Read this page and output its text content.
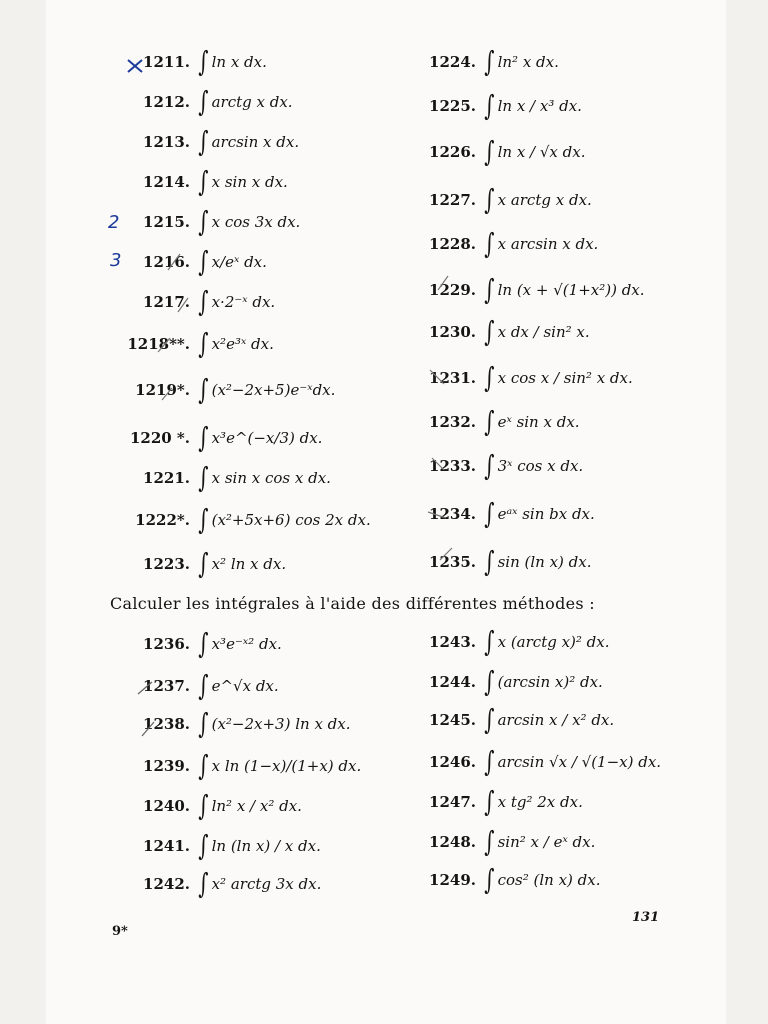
1211. ∫ ln x dx.
1212. ∫ arctg x dx.
1213. ∫ arcsin x dx.
1214. ∫ x sin x dx.
1215. ∫ x cos 3x dx.
1216. ∫ x/eˣ dx.
1217. ∫ x·2⁻ˣ dx.
1218**. ∫ x²e³ˣ dx.
1219*. ∫ (x²−2x+5)e⁻ˣdx.
1220 *. ∫ x³e^(−x/3) dx.
1221. ∫ x sin x cos x dx.
1222*. ∫ (x²+5x+6) cos 2x dx.
1223. ∫ x² ln x dx.
1224. ∫ ln² x dx.
1225. ∫ ln x / x³ dx.
1226. ∫ ln x / √x dx.
1227. ∫ x arctg x dx.
1228. ∫ x arcsin x dx.
1229. ∫ ln (x + √(1+x²)) dx.
1230. ∫ x dx / sin² x.
1231. ∫ x cos x / sin² x dx.
1232. ∫ eˣ sin x dx.
1233. ∫ 3ˣ cos x dx.
1234. ∫ eᵃˣ sin bx dx.
1235. ∫ sin (ln x) dx.
1236. ∫ x³e⁻ˣ² dx.
1237. ∫ e^√x dx.
1238. ∫ (x²−2x+3) ln x dx.
1239. ∫ x ln (1−x)/(1+x) dx.
1240. ∫ ln² x / x² dx.
1241. ∫ ln (ln x) / x dx.
1242. ∫ x² arctg 3x dx.
1243. ∫ x (arctg x)² dx.
1244. ∫ (arcsin x)² dx.
1245. ∫ arcsin x / x² dx.
1246. ∫ arcsin √x / √(1−x) dx.
1247. ∫ x tg² 2x dx.
1248. ∫ sin² x / eˣ dx.
1249. ∫ cos² (ln x) dx.
Calculer les intégrales à l'aide des différentes méthodes :
131
9*
2
3
